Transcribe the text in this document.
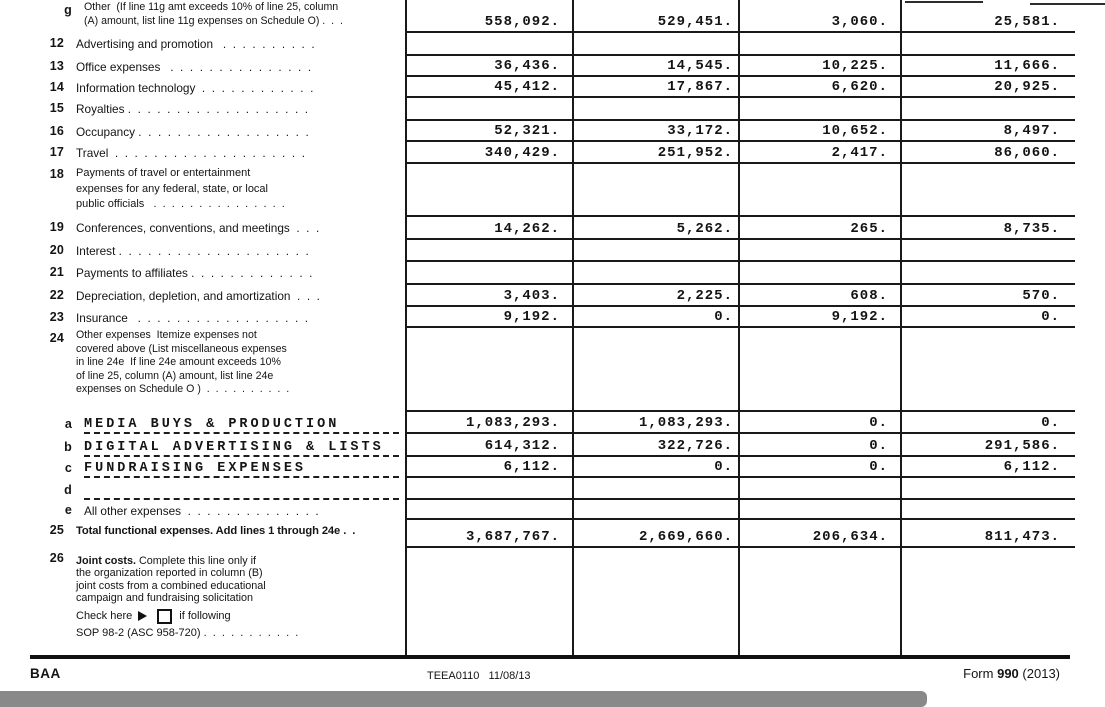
g Other  (If line 11g amt exceeds 10% of line 25, column
(A) amount, list line 11g expenses on Schedule O) .  .  .	558,092.	529,451.	3,060.	25,581.
12 Advertising and promotion   .  .  .  .  .  .  .  .  .  .
13 Office expenses   .  .  .  .  .  .  .  .  .  .  .  .  .  .  .	36,436.	14,545.	10,225.	11,666.
14 Information technology  .  .  .  .  .  .  .  .  .  .  .  .	45,412.	17,867.	6,620.	20,925.
15 Royalties .  .  .  .  .  .  .  .  .  .  .  .  .  .  .  .  .  .  .
16 Occupancy .  .  .  .  .  .  .  .  .  .  .  .  .  .  .  .  .  .	52,321.	33,172.	10,652.	8,497.
17 Travel  .  .  .  .  .  .  .  .  .  .  .  .  .  .  .  .  .  .  .  .	340,429.	251,952.	2,417.	86,060.
18 Payments of travel or entertainment
expenses for any federal, state, or local
public officials   .  .  .  .  .  .  .  .  .  .  .  .  .  .  .
19 Conferences, conventions, and meetings  .  .  .	14,262.	5,262.	265.	8,735.
20 Interest .  .  .  .  .  .  .  .  .  .  .  .  .  .  .  .  .  .  .  .
21 Payments to affiliates .  .  .  .  .  .  .  .  .  .  .  .  .
22 Depreciation, depletion, and amortization  .  .  .	3,403.	2,225.	608.	570.
23 Insurance   .  .  .  .  .  .  .  .  .  .  .  .  .  .  .  .  .  .	9,192.	0.	9,192.	0.
24 Other expenses  Itemize expenses not
covered above (List miscellaneous expenses
in line 24e  If line 24e amount exceeds 10%
of line 25, column (A) amount, list line 24e
expenses on Schedule O )  .  .  .  .  .  .  .  .  .  .
a MEDIA BUYS & PRODUCTION	1,083,293.	1,083,293.	0.	0.
b DIGITAL ADVERTISING & LISTS	614,312.	322,726.	0.	291,586.
c FUNDRAISING EXPENSES	6,112.	0.	0.	6,112.
d
e All other expenses  .  .  .  .  .  .  .  .  .  .  .  .  .  .
25 Total functional expenses. Add lines 1 through 24e .  .	3,687,767.	2,669,660.	206,634.	811,473.
26 Joint costs. Complete this line only if
the organization reported in column (B)
joint costs from a combined educational
campaign and fundraising solicitation
Check here	if following
SOP 98-2 (ASC 958-720) .  .  .  .  .  .  .  .  .  .  .
BAA	TEEA0110   11/08/13	Form 990 (2013)
